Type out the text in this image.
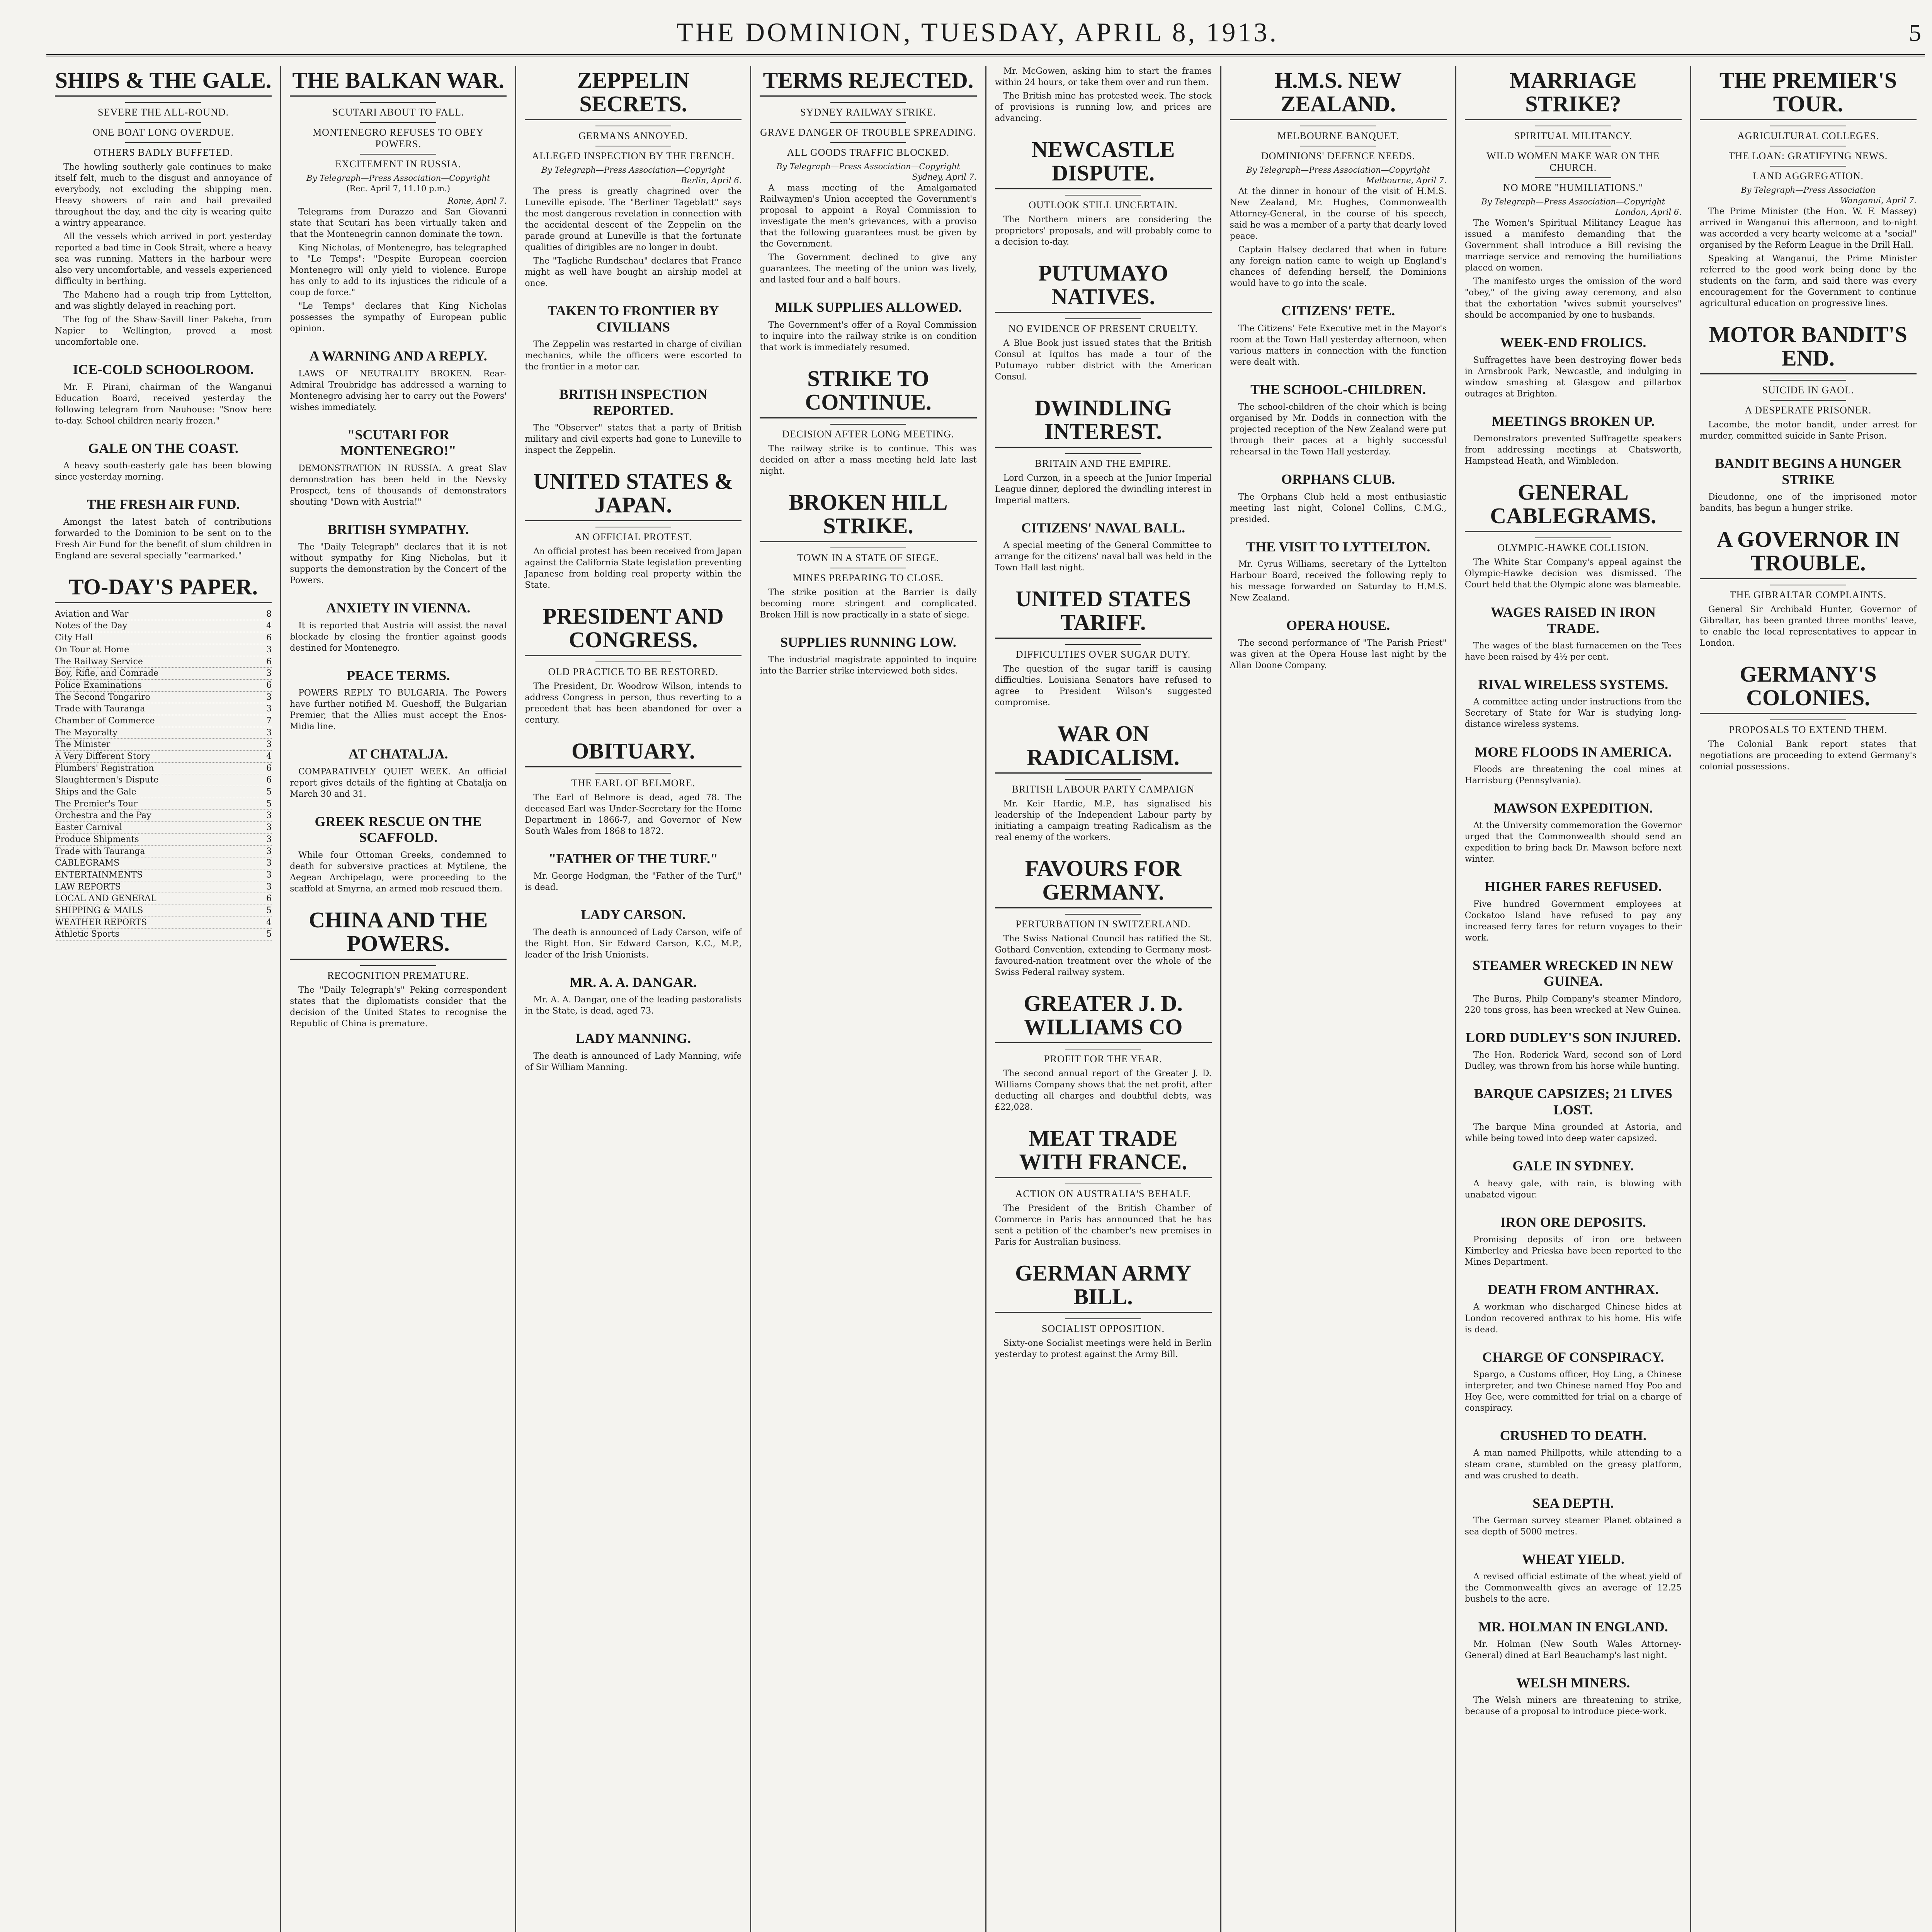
THE DOMINION, TUESDAY, APRIL 8, 1913.	5
SHIPS & THE GALE.
SEVERE THE ALL-ROUND.
ONE BOAT LONG OVERDUE.
OTHERS BADLY BUFFETED.
The howling southerly gale continues to make itself felt, much to the disgust and annoyance of everybody, not excluding the shipping men. Heavy showers of rain and hail prevailed throughout the day, and the city is wearing quite a wintry appearance.
All the vessels which arrived in port yesterday reported a bad time in Cook Strait, where a heavy sea was running. Matters in the harbour were also very uncomfortable, and vessels experienced difficulty in berthing.
The Maheno had a rough trip from Lyttelton, and was slightly delayed in reaching port.
The fog of the Shaw-Savill liner Pakeha, from Napier to Wellington, proved a most uncomfortable one.
ICE-COLD SCHOOLROOM.
Mr. F. Pirani, chairman of the Wanganui Education Board, received yesterday the following telegram from Nauhouse: "Snow here to-day. School children nearly frozen."
GALE ON THE COAST.
A heavy south-easterly gale has been blowing since yesterday morning.
THE FRESH AIR FUND.
Amongst the latest batch of contributions forwarded to the Dominion to be sent on to the Fresh Air Fund for the benefit of slum children in England are several specially "earmarked."
TO-DAY'S PAPER.
Aviation and War	8
Notes of the Day	4
City Hall	6
On Tour at Home	3
The Railway Service	6
Boy, Rifle, and Comrade	3
Police Examinations	6
The Second Tongariro	3
Trade with Tauranga	3
Chamber of Commerce	7
The Mayoralty	3
The Minister	3
A Very Different Story	4
Plumbers' Registration	6
Slaughtermen's Dispute	6
Ships and the Gale	5
The Premier's Tour	5
Orchestra and the Pay	3
Easter Carnival	3
Produce Shipments	3
Trade with Tauranga	3
CABLEGRAMS	3
ENTERTAINMENTS	3
LAW REPORTS	3
LOCAL AND GENERAL	6
SHIPPING & MAILS	5
WEATHER REPORTS	4
Athletic Sports	5
THE BALKAN WAR.
SCUTARI ABOUT TO FALL.
MONTENEGRO REFUSES TO OBEY POWERS.
EXCITEMENT IN RUSSIA.
By Telegraph—Press Association—Copyright
(Rec. April 7, 11.10 p.m.)
Rome, April 7.
Telegrams from Durazzo and San Giovanni state that Scutari has been virtually taken and that the Montenegrin cannon dominate the town.
King Nicholas, of Montenegro, has telegraphed to "Le Temps": "Despite European coercion Montenegro will only yield to violence. Europe has only to add to its injustices the ridicule of a coup de force."
"Le Temps" declares that King Nicholas possesses the sympathy of European public opinion.
A WARNING AND A REPLY.
LAWS OF NEUTRALITY BROKEN. Rear-Admiral Troubridge has addressed a warning to Montenegro advising her to carry out the Powers' wishes immediately.
"SCUTARI FOR MONTENEGRO!"
DEMONSTRATION IN RUSSIA. A great Slav demonstration has been held in the Nevsky Prospect, tens of thousands of demonstrators shouting "Down with Austria!"
BRITISH SYMPATHY.
The "Daily Telegraph" declares that it is not without sympathy for King Nicholas, but it supports the demonstration by the Concert of the Powers.
ANXIETY IN VIENNA.
It is reported that Austria will assist the naval blockade by closing the frontier against goods destined for Montenegro.
PEACE TERMS.
POWERS REPLY TO BULGARIA. The Powers have further notified M. Gueshoff, the Bulgarian Premier, that the Allies must accept the Enos-Midia line.
AT CHATALJA.
COMPARATIVELY QUIET WEEK. An official report gives details of the fighting at Chatalja on March 30 and 31.
GREEK RESCUE ON THE SCAFFOLD.
While four Ottoman Greeks, condemned to death for subversive practices at Mytilene, the Aegean Archipelago, were proceeding to the scaffold at Smyrna, an armed mob rescued them.
CHINA AND THE POWERS.
RECOGNITION PREMATURE.
The "Daily Telegraph's" Peking correspondent states that the diplomatists consider that the decision of the United States to recognise the Republic of China is premature.
ZEPPELIN SECRETS.
GERMANS ANNOYED.
ALLEGED INSPECTION BY THE FRENCH.
By Telegraph—Press Association—Copyright
Berlin, April 6.
The press is greatly chagrined over the Luneville episode. The "Berliner Tageblatt" says the most dangerous revelation in connection with the accidental descent of the Zeppelin on the parade ground at Luneville is that the fortunate qualities of dirigibles are no longer in doubt.
The "Tagliche Rundschau" declares that France might as well have bought an airship model at once.
TAKEN TO FRONTIER BY CIVILIANS
The Zeppelin was restarted in charge of civilian mechanics, while the officers were escorted to the frontier in a motor car.
BRITISH INSPECTION REPORTED.
The "Observer" states that a party of British military and civil experts had gone to Luneville to inspect the Zeppelin.
UNITED STATES & JAPAN.
AN OFFICIAL PROTEST.
An official protest has been received from Japan against the California State legislation preventing Japanese from holding real property within the State.
PRESIDENT AND CONGRESS.
OLD PRACTICE TO BE RESTORED.
The President, Dr. Woodrow Wilson, intends to address Congress in person, thus reverting to a precedent that has been abandoned for over a century.
OBITUARY.
THE EARL OF BELMORE.
The Earl of Belmore is dead, aged 78. The deceased Earl was Under-Secretary for the Home Department in 1866-7, and Governor of New South Wales from 1868 to 1872.
"FATHER OF THE TURF."
Mr. George Hodgman, the "Father of the Turf," is dead.
LADY CARSON.
The death is announced of Lady Carson, wife of the Right Hon. Sir Edward Carson, K.C., M.P., leader of the Irish Unionists.
MR. A. A. DANGAR.
Mr. A. A. Dangar, one of the leading pastoralists in the State, is dead, aged 73.
LADY MANNING.
The death is announced of Lady Manning, wife of Sir William Manning.
TERMS REJECTED.
SYDNEY RAILWAY STRIKE.
GRAVE DANGER OF TROUBLE SPREADING.
ALL GOODS TRAFFIC BLOCKED.
By Telegraph—Press Association—Copyright
Sydney, April 7.
A mass meeting of the Amalgamated Railwaymen's Union accepted the Government's proposal to appoint a Royal Commission to investigate the men's grievances, with a proviso that the following guarantees must be given by the Government.
The Government declined to give any guarantees. The meeting of the union was lively, and lasted four and a half hours.
MILK SUPPLIES ALLOWED.
The Government's offer of a Royal Commission to inquire into the railway strike is on condition that work is immediately resumed.
STRIKE TO CONTINUE.
DECISION AFTER LONG MEETING.
The railway strike is to continue. This was decided on after a mass meeting held late last night.
BROKEN HILL STRIKE.
TOWN IN A STATE OF SIEGE.
MINES PREPARING TO CLOSE.
The strike position at the Barrier is daily becoming more stringent and complicated. Broken Hill is now practically in a state of siege.
SUPPLIES RUNNING LOW.
The industrial magistrate appointed to inquire into the Barrier strike interviewed both sides.
Mr. McGowen, asking him to start the frames within 24 hours, or take them over and run them.
The British mine has protested week. The stock of provisions is running low, and prices are advancing.
NEWCASTLE DISPUTE.
OUTLOOK STILL UNCERTAIN.
The Northern miners are considering the proprietors' proposals, and will probably come to a decision to-day.
PUTUMAYO NATIVES.
NO EVIDENCE OF PRESENT CRUELTY.
A Blue Book just issued states that the British Consul at Iquitos has made a tour of the Putumayo rubber district with the American Consul.
DWINDLING INTEREST.
BRITAIN AND THE EMPIRE.
Lord Curzon, in a speech at the Junior Imperial League dinner, deplored the dwindling interest in Imperial matters.
CITIZENS' NAVAL BALL.
A special meeting of the General Committee to arrange for the citizens' naval ball was held in the Town Hall last night.
UNITED STATES TARIFF.
DIFFICULTIES OVER SUGAR DUTY.
The question of the sugar tariff is causing difficulties. Louisiana Senators have refused to agree to President Wilson's suggested compromise.
WAR ON RADICALISM.
BRITISH LABOUR PARTY CAMPAIGN
Mr. Keir Hardie, M.P., has signalised his leadership of the Independent Labour party by initiating a campaign treating Radicalism as the real enemy of the workers.
FAVOURS FOR GERMANY.
PERTURBATION IN SWITZERLAND.
The Swiss National Council has ratified the St. Gothard Convention, extending to Germany most-favoured-nation treatment over the whole of the Swiss Federal railway system.
GREATER J. D. WILLIAMS CO
PROFIT FOR THE YEAR.
The second annual report of the Greater J. D. Williams Company shows that the net profit, after deducting all charges and doubtful debts, was £22,028.
MEAT TRADE WITH FRANCE.
ACTION ON AUSTRALIA'S BEHALF.
The President of the British Chamber of Commerce in Paris has announced that he has sent a petition of the chamber's new premises in Paris for Australian business.
GERMAN ARMY BILL.
SOCIALIST OPPOSITION.
Sixty-one Socialist meetings were held in Berlin yesterday to protest against the Army Bill.
H.M.S. NEW ZEALAND.
MELBOURNE BANQUET.
DOMINIONS' DEFENCE NEEDS.
By Telegraph—Press Association—Copyright
Melbourne, April 7.
At the dinner in honour of the visit of H.M.S. New Zealand, Mr. Hughes, Commonwealth Attorney-General, in the course of his speech, said he was a member of a party that dearly loved peace.
Captain Halsey declared that when in future any foreign nation came to weigh up England's chances of defending herself, the Dominions would have to go into the scale.
CITIZENS' FETE.
The Citizens' Fete Executive met in the Mayor's room at the Town Hall yesterday afternoon, when various matters in connection with the function were dealt with.
THE SCHOOL-CHILDREN.
The school-children of the choir which is being organised by Mr. Dodds in connection with the projected reception of the New Zealand were put through their paces at a highly successful rehearsal in the Town Hall yesterday.
ORPHANS CLUB.
The Orphans Club held a most enthusiastic meeting last night, Colonel Collins, C.M.G., presided.
THE VISIT TO LYTTELTON.
Mr. Cyrus Williams, secretary of the Lyttelton Harbour Board, received the following reply to his message forwarded on Saturday to H.M.S. New Zealand.
OPERA HOUSE.
The second performance of "The Parish Priest" was given at the Opera House last night by the Allan Doone Company.
MARRIAGE STRIKE?
SPIRITUAL MILITANCY.
WILD WOMEN MAKE WAR ON THE CHURCH.
NO MORE "HUMILIATIONS."
By Telegraph—Press Association—Copyright
London, April 6.
The Women's Spiritual Militancy League has issued a manifesto demanding that the Government shall introduce a Bill revising the marriage service and removing the humiliations placed on women.
The manifesto urges the omission of the word "obey," of the giving away ceremony, and also that the exhortation "wives submit yourselves" should be accompanied by one to husbands.
WEEK-END FROLICS.
Suffragettes have been destroying flower beds in Arnsbrook Park, Newcastle, and indulging in window smashing at Glasgow and pillarbox outrages at Brighton.
MEETINGS BROKEN UP.
Demonstrators prevented Suffragette speakers from addressing meetings at Chatsworth, Hampstead Heath, and Wimbledon.
GENERAL CABLEGRAMS.
OLYMPIC-HAWKE COLLISION.
The White Star Company's appeal against the Olympic-Hawke decision was dismissed. The Court held that the Olympic alone was blameable.
WAGES RAISED IN IRON TRADE.
The wages of the blast furnacemen on the Tees have been raised by 4½ per cent.
RIVAL WIRELESS SYSTEMS.
A committee acting under instructions from the Secretary of State for War is studying long-distance wireless systems.
MORE FLOODS IN AMERICA.
Floods are threatening the coal mines at Harrisburg (Pennsylvania).
MAWSON EXPEDITION.
At the University commemoration the Governor urged that the Commonwealth should send an expedition to bring back Dr. Mawson before next winter.
HIGHER FARES REFUSED.
Five hundred Government employees at Cockatoo Island have refused to pay any increased ferry fares for return voyages to their work.
STEAMER WRECKED IN NEW GUINEA.
The Burns, Philp Company's steamer Mindoro, 220 tons gross, has been wrecked at New Guinea.
LORD DUDLEY'S SON INJURED.
The Hon. Roderick Ward, second son of Lord Dudley, was thrown from his horse while hunting.
BARQUE CAPSIZES; 21 LIVES LOST.
The barque Mina grounded at Astoria, and while being towed into deep water capsized.
GALE IN SYDNEY.
A heavy gale, with rain, is blowing with unabated vigour.
IRON ORE DEPOSITS.
Promising deposits of iron ore between Kimberley and Prieska have been reported to the Mines Department.
DEATH FROM ANTHRAX.
A workman who discharged Chinese hides at London recovered anthrax to his home. His wife is dead.
CHARGE OF CONSPIRACY.
Spargo, a Customs officer, Hoy Ling, a Chinese interpreter, and two Chinese named Hoy Poo and Hoy Gee, were committed for trial on a charge of conspiracy.
CRUSHED TO DEATH.
A man named Phillpotts, while attending to a steam crane, stumbled on the greasy platform, and was crushed to death.
SEA DEPTH.
The German survey steamer Planet obtained a sea depth of 5000 metres.
WHEAT YIELD.
A revised official estimate of the wheat yield of the Commonwealth gives an average of 12.25 bushels to the acre.
MR. HOLMAN IN ENGLAND.
Mr. Holman (New South Wales Attorney-General) dined at Earl Beauchamp's last night.
WELSH MINERS.
The Welsh miners are threatening to strike, because of a proposal to introduce piece-work.
THE PREMIER'S TOUR.
AGRICULTURAL COLLEGES.
THE LOAN: GRATIFYING NEWS.
LAND AGGREGATION.
By Telegraph—Press Association
Wanganui, April 7.
The Prime Minister (the Hon. W. F. Massey) arrived in Wanganui this afternoon, and to-night was accorded a very hearty welcome at a "social" organised by the Reform League in the Drill Hall.
Speaking at Wanganui, the Prime Minister referred to the good work being done by the students on the farm, and said there was every encouragement for the Government to continue agricultural education on progressive lines.
MOTOR BANDIT'S END.
SUICIDE IN GAOL.
A DESPERATE PRISONER.
Lacombe, the motor bandit, under arrest for murder, committed suicide in Sante Prison.
BANDIT BEGINS A HUNGER STRIKE
Dieudonne, one of the imprisoned motor bandits, has begun a hunger strike.
A GOVERNOR IN TROUBLE.
THE GIBRALTAR COMPLAINTS.
General Sir Archibald Hunter, Governor of Gibraltar, has been granted three months' leave, to enable the local representatives to appear in London.
GERMANY'S COLONIES.
PROPOSALS TO EXTEND THEM.
The Colonial Bank report states that negotiations are proceeding to extend Germany's colonial possessions.
